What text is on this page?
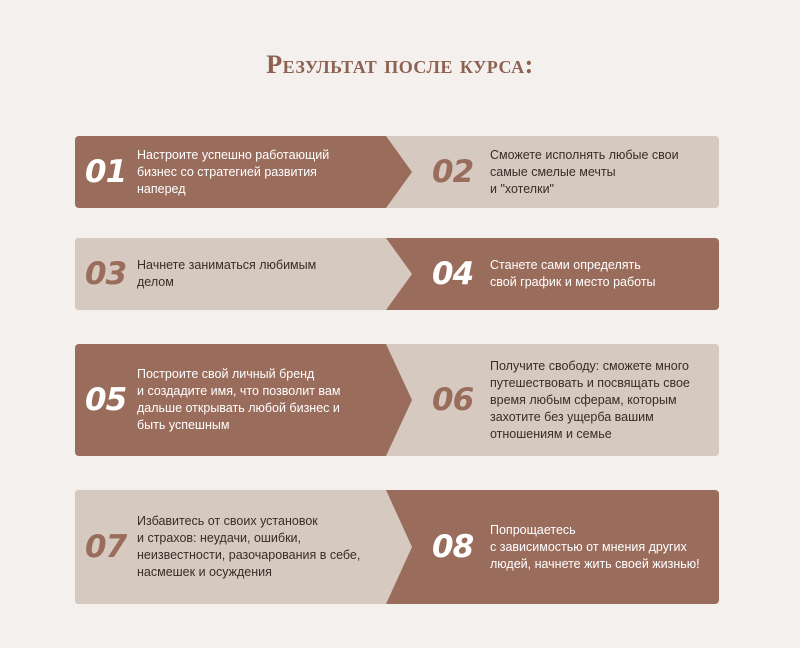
Результат после курса:
01 Настроите успешно работающий
бизнес со стратегией развития
наперед	02	Сможете исполнять любые свои
самые смелые мечты
и "хотелки"
03 Начнете заниматься любимым
делом	04	Станете сами определять
свой график и место работы
05
Построите свой личный бренд
и создадите имя, что позволит вам
дальше открывать любой бизнес и
быть успешным
06
Получите свободу: сможете много
путешествовать и посвящать свое
время любым сферам, которым
захотите без ущерба вашим
отношениям и семье
07
Избавитесь от своих установок
и страхов: неудачи, ошибки,
неизвестности, разочарования в себе,
насмешек и осуждения
08	Попрощаетесь
с зависимостью от мнения других
людей, начнете жить своей жизнью!
